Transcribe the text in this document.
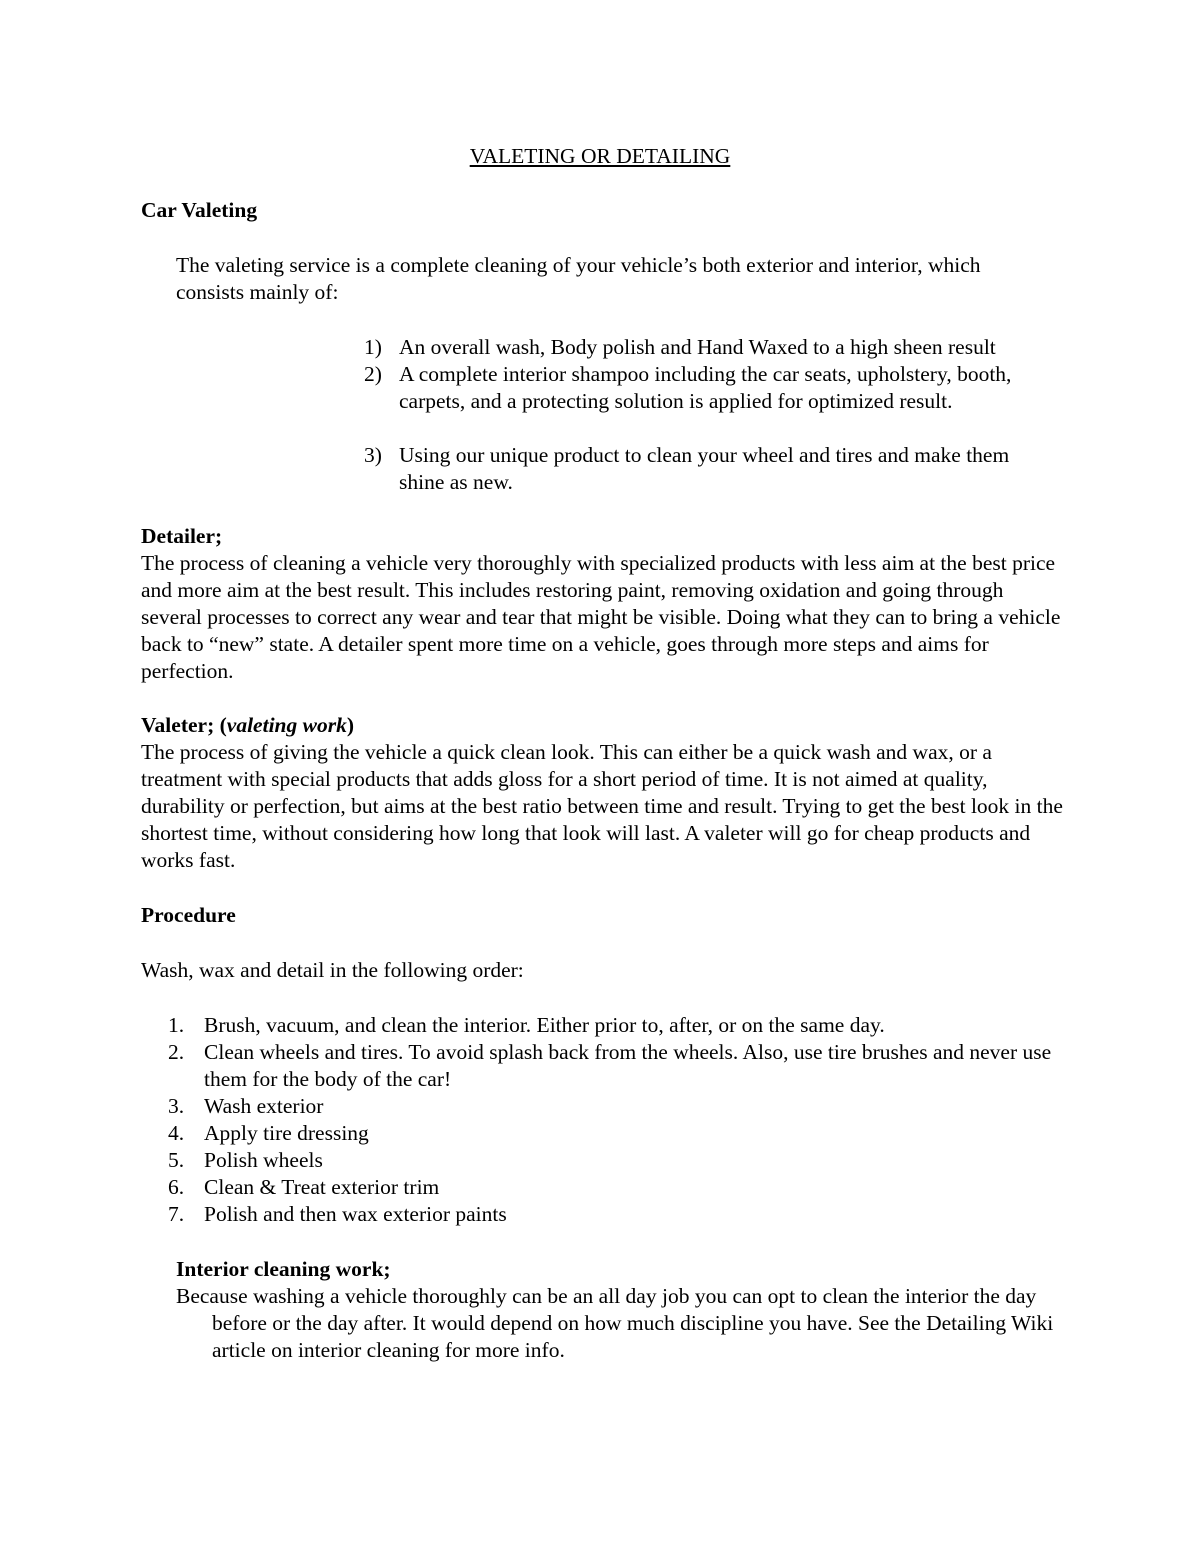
VALETING OR DETAILING
Car Valeting
The valeting service is a complete cleaning of your vehicle’s both exterior and interior, which consists mainly of:
1) An overall wash, Body polish and Hand Waxed to a high sheen result
2) A complete interior shampoo including the car seats, upholstery, booth, carpets, and a protecting solution is applied for optimized result.
3) Using our unique product to clean your wheel and tires and make them shine as new.
Detailer;
The process of cleaning a vehicle very thoroughly with specialized products with less aim at the best price and more aim at the best result. This includes restoring paint, removing oxidation and going through several processes to correct any wear and tear that might be visible. Doing what they can to bring a vehicle back to “new” state. A detailer spent more time on a vehicle, goes through more steps and aims for perfection.
Valeter; (valeting work)
The process of giving the vehicle a quick clean look. This can either be a quick wash and wax, or a treatment with special products that adds gloss for a short period of time. It is not aimed at quality, durability or perfection, but aims at the best ratio between time and result. Trying to get the best look in the shortest time, without considering how long that look will last. A valeter will go for cheap products and works fast.
Procedure
Wash, wax and detail in the following order:
1. Brush, vacuum, and clean the interior. Either prior to, after, or on the same day.
2. Clean wheels and tires. To avoid splash back from the wheels. Also, use tire brushes and never use them for the body of the car!
3. Wash exterior
4. Apply tire dressing
5. Polish wheels
6. Clean & Treat exterior trim
7. Polish and then wax exterior paints
Interior cleaning work;
Because washing a vehicle thoroughly can be an all day job you can opt to clean the interior the day before or the day after. It would depend on how much discipline you have. See the Detailing Wiki article on interior cleaning for more info.
